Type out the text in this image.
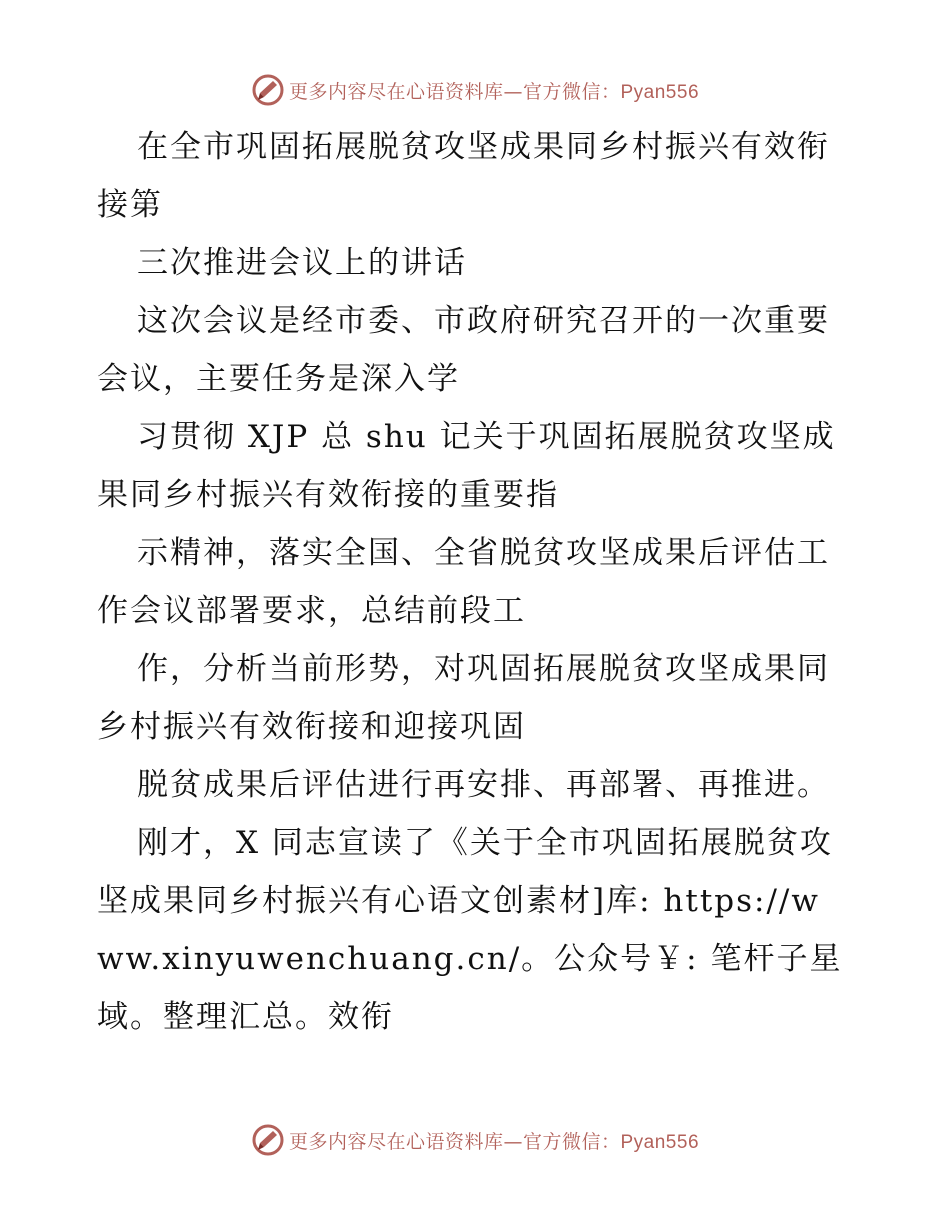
更多内容尽在心语资料库—官方微信：Pyan556
在全市巩固拓展脱贫攻坚成果同乡村振兴有效衔
接第
三次推进会议上的讲话
这次会议是经市委、市政府研究召开的一次重要
会议，主要任务是深入学
习贯彻 XJP 总 shu 记关于巩固拓展脱贫攻坚成
果同乡村振兴有效衔接的重要指
示精神，落实全国、全省脱贫攻坚成果后评估工
作会议部署要求，总结前段工
作，分析当前形势，对巩固拓展脱贫攻坚成果同
乡村振兴有效衔接和迎接巩固
脱贫成果后评估进行再安排、再部署、再推进。
刚才，X 同志宣读了《关于全市巩固拓展脱贫攻
坚成果同乡村振兴有心语文创素材]库: https://w
ww.xinyuwenchuang.cn/。公众号￥: 笔杆子星
域。整理汇总。效衔
更多内容尽在心语资料库—官方微信：Pyan556
